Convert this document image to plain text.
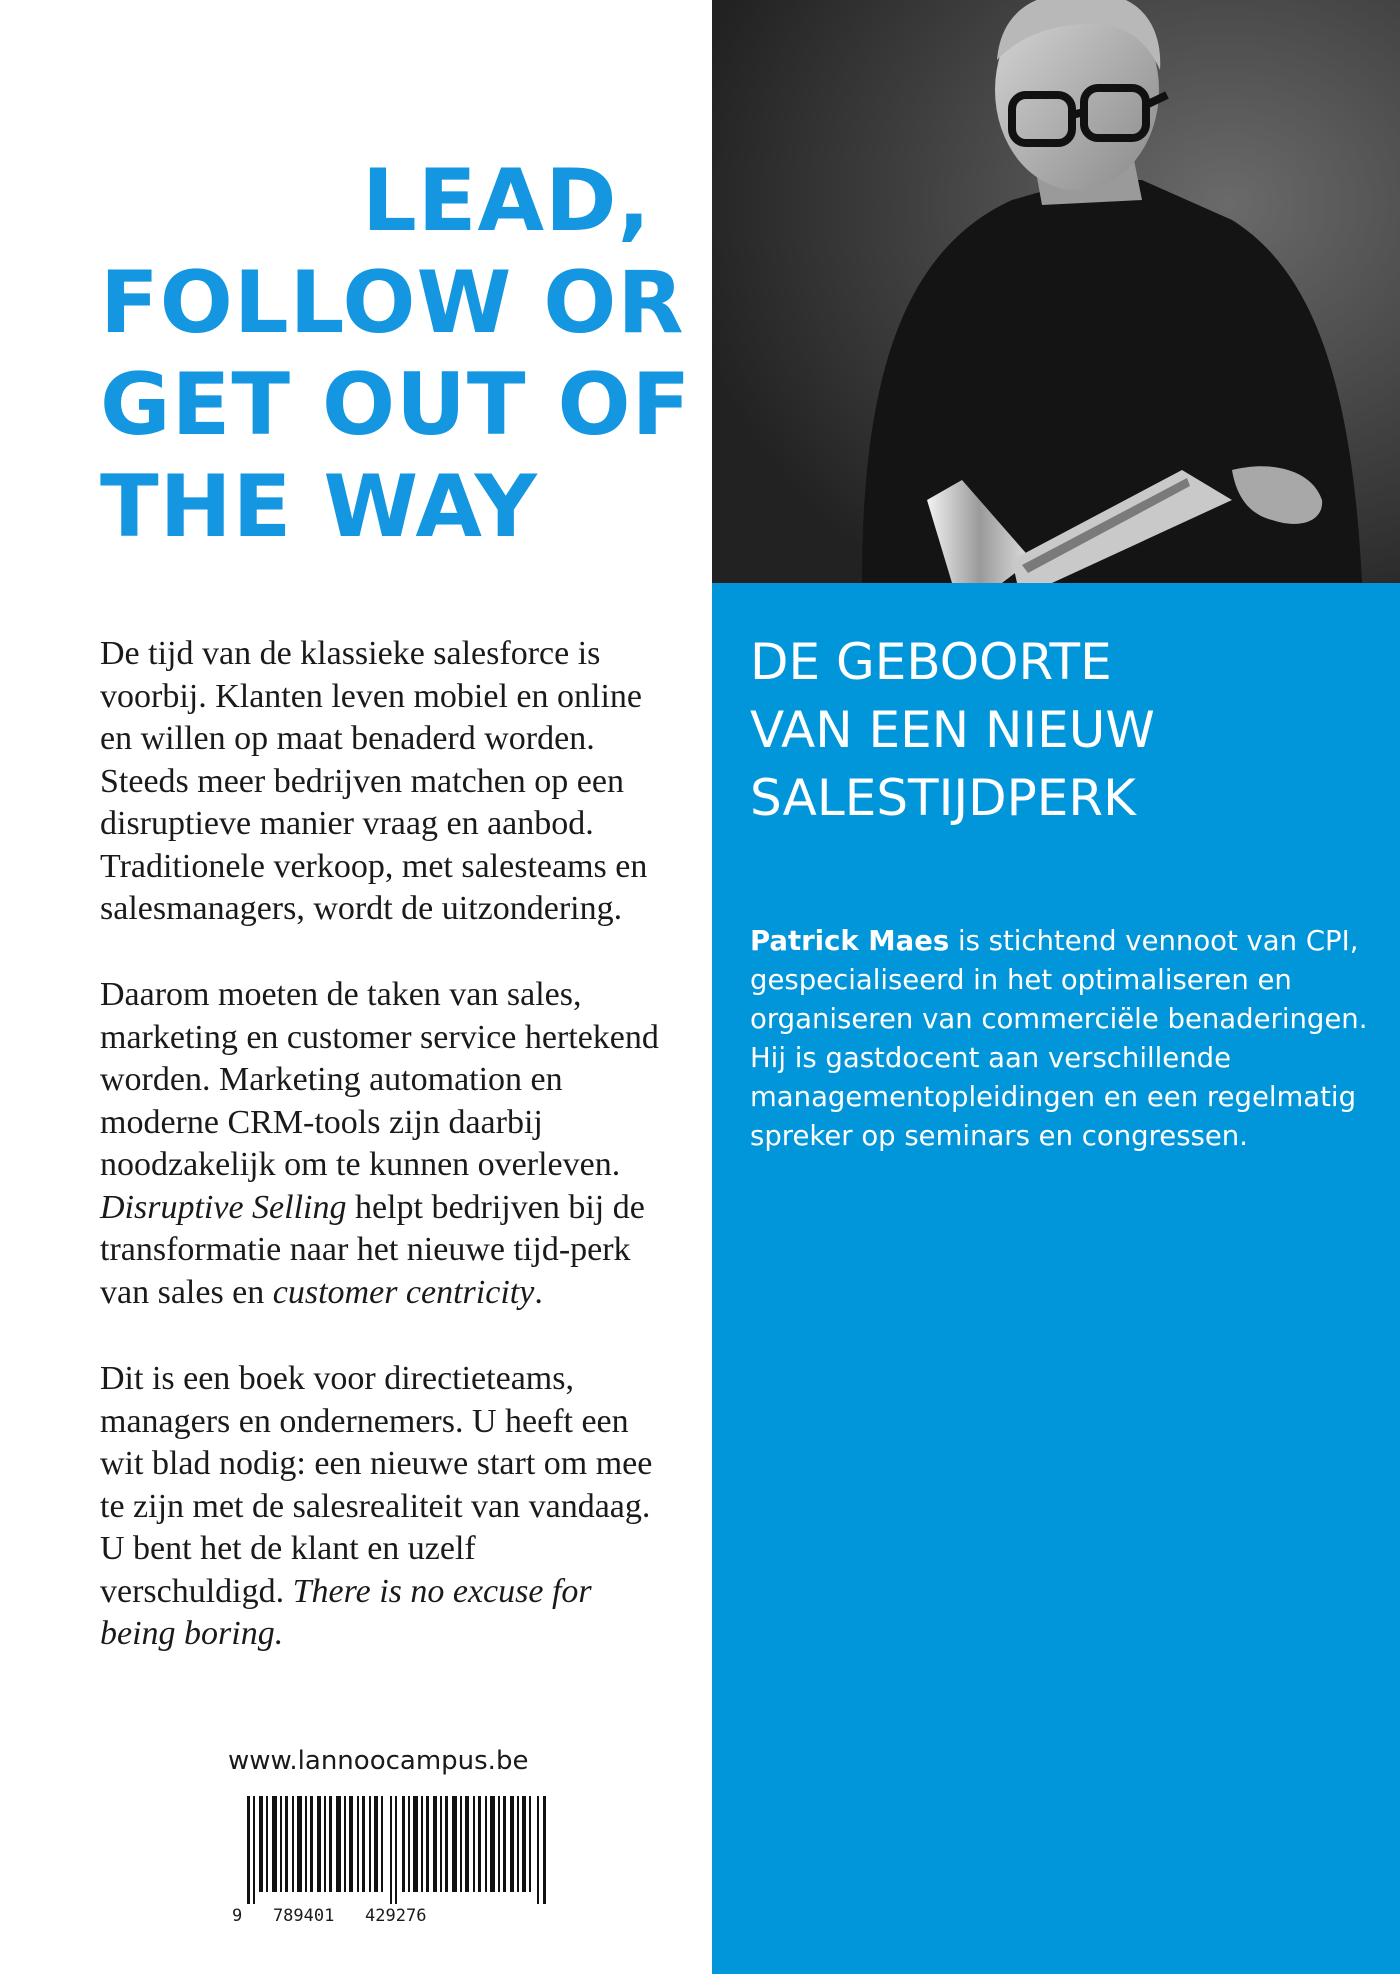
LEAD,
FOLLOW OR
GET OUT OF
THE WAY

De tijd van de klassieke salesforce is voorbij. Klanten leven mobiel en online en willen op maat benaderd worden. Steeds meer bedrijven matchen op een disruptieve manier vraag en aanbod. Traditionele verkoop, met salesteams en salesmanagers, wordt de uitzondering.

Daarom moeten de taken van sales, marketing en customer service hertekend worden. Marketing automation en moderne CRM-tools zijn daarbij noodzakelijk om te kunnen overleven. Disruptive Selling helpt bedrijven bij de transformatie naar het nieuwe tijd-perk van sales en customer centricity.

Dit is een boek voor directieteams, managers en ondernemers. U heeft een wit blad nodig: een nieuwe start om mee te zijn met de salesrealiteit van vandaag. U bent het de klant en uzelf verschuldigd. There is no excuse for being boring.

www.lannoocampus.be
9   789401   429276
DE GEBOORTE
VAN EEN NIEUW
SALESTIJDPERK

Patrick Maes is stichtend vennoot van CPI, gespecialiseerd in het optimaliseren en organiseren van commerciële benaderingen. Hij is gastdocent aan verschillende managementopleidingen en een regelmatig spreker op seminars en congressen.
